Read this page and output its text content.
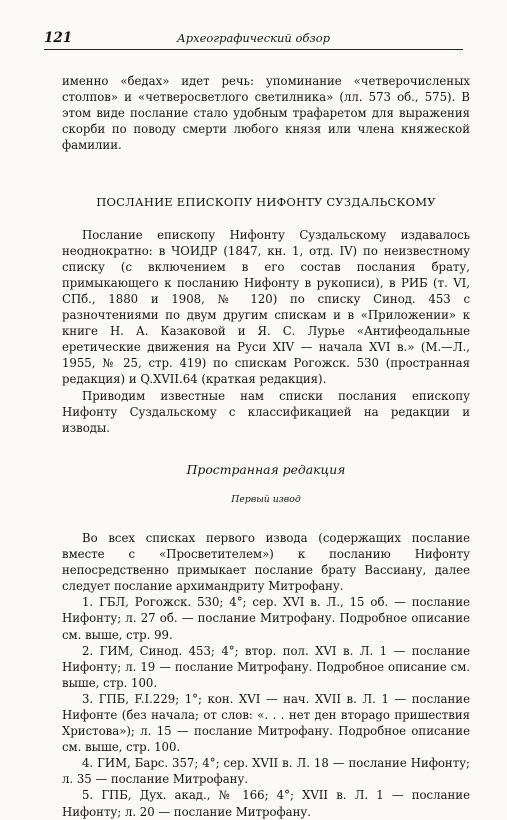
121	Археографический обзор

именно «бедах» идет речь: упоминание «четверочисленых столпов» и «четверосветлого светилника» (лл. 573 об., 575). В этом виде послание стало удобным трафаретом для выражения скорби по поводу смерти любого князя или члена княжеской фамилии.

ПОСЛАНИЕ ЕПИСКОПУ НИФОНТУ СУЗДАЛЬСКОМУ

Послание епископу Нифонту Суздальскому издавалось неоднократно: в ЧОИДР (1847, кн. 1, отд. IV) по неизвестному списку (с включением в его состав послания брату, примыкающего к посланию Нифонту в рукописи), в РИБ (т. VI, СПб., 1880 и 1908, № 120) по списку Синод. 453 с разночтениями по двум другим спискам и в «Приложении» к книге Н. А. Казаковой и Я. С. Лурье «Антифеодальные еретические движения на Руси XIV — начала XVI в.» (М.—Л., 1955, № 25, стр. 419) по спискам Рогожск. 530 (пространная редакция) и Q.XVII.64 (краткая редакция).

Приводим известные нам списки послания епископу Нифонту Суздальскому с классификацией на редакции и изводы.

Пространная редакция

Первый извод

Во всех списках первого извода (содержащих послание вместе с «Просветителем») к посланию Нифонту непосредственно примыкает послание брату Вассиану, далее следует послание архимандриту Митрофану.

1. ГБЛ, Рогожск. 530; 4°; сер. XVI в. Л., 15 об. — послание Нифонту; л. 27 об. — послание Митрофану. Подробное описание см. выше, стр. 99.

2. ГИМ, Синод. 453; 4°; втор. пол. XVI в. Л. 1 — послание Нифонту; л. 19 — послание Митрофану. Подробное описание см. выше, стр. 100.

3. ГПБ, F.I.229; 1°; кон. XVI — нач. XVII в. Л. 1 — послание Нифонте (без начала; от слов: «. . . нет ден вторago пришествия Христова»); л. 15 — послание Митрофану. Подробное описание см. выше, стр. 100.

4. ГИМ, Барс. 357; 4°; сер. XVII в. Л. 18 — послание Нифонту; л. 35 — послание Митрофану.

5. ГПБ, Дух. акад., № 166; 4°; XVII в. Л. 1 — послание Нифонту; л. 20 — послание Митрофану.
